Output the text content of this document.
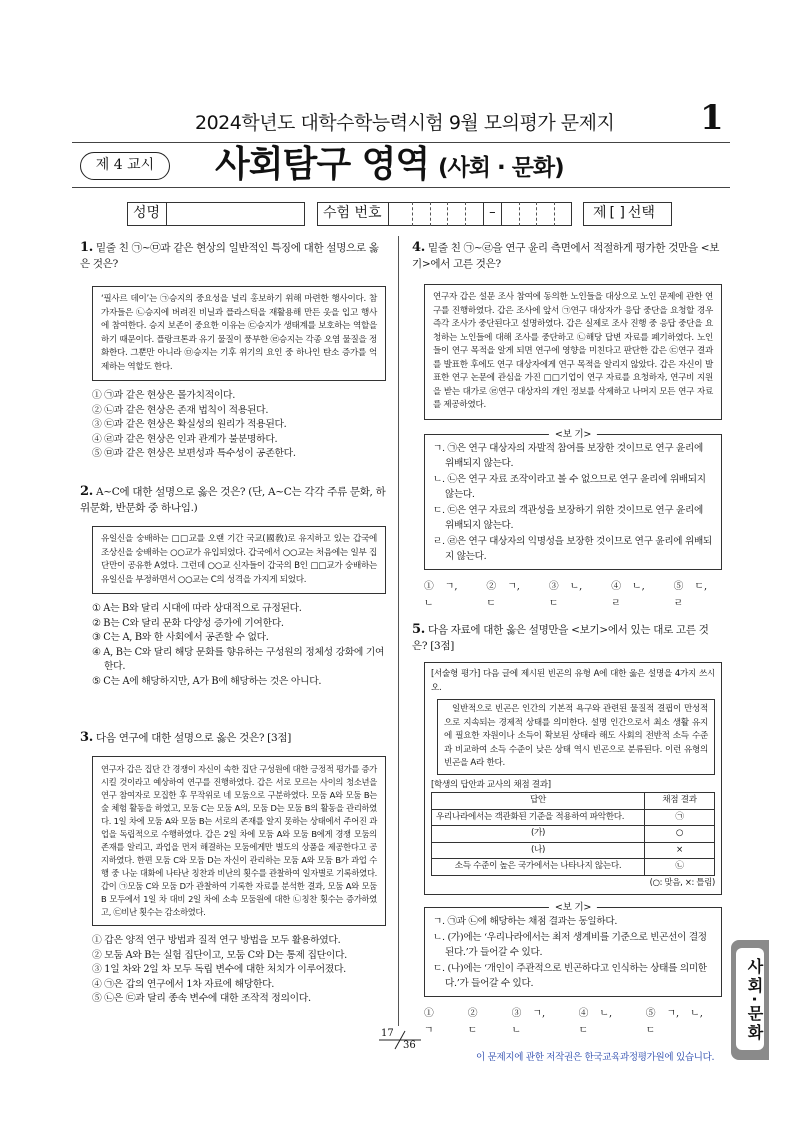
2024학년도 대학수학능력시험 9월 모의평가 문제지	1
제 4 교시	사회탐구 영역 (사회 · 문화)
성명	수험 번호	–	제 [ ] 선택
1. 밑줄 친 ㉠~㉤과 같은 현상의 일반적인 특징에 대한 설명으로 옳은 것은?
‘필사르 데이’는 ㉠승지의 중요성을 널리 홍보하기 위해 마련한 행사이다. 참가자들은 ㉡승지에 버려진 비닐과 플라스틱을 재활용해 만든 옷을 입고 행사에 참여한다. 승지 보존이 중요한 이유는 ㉢승지가 생태계를 보호하는 역할을 하기 때문이다. 플랑크톤과 유기 물질이 풍부한 ㉣승지는 각종 오염 물질을 정화한다. 그뿐만 아니라 ㉤승지는 기후 위기의 요인 중 하나인 탄소 증가를 억제하는 역할도 한다.
① ㉠과 같은 현상은 몰가치적이다.
② ㉡과 같은 현상은 존재 법칙이 적용된다.
③ ㉢과 같은 현상은 확실성의 원리가 적용된다.
④ ㉣과 같은 현상은 인과 관계가 불분명하다.
⑤ ㉤과 같은 현상은 보편성과 특수성이 공존한다.
2. A~C에 대한 설명으로 옳은 것은? (단, A~C는 각각 주류 문화, 하위문화, 반문화 중 하나임.)
유일신을 숭배하는 □□교를 오랜 기간 국교(國敎)로 유지하고 있는 갑국에 조상신을 숭배하는 ○○교가 유입되었다. 갑국에서 ○○교는 처음에는 일부 집단만이 공유한 A였다. 그런데 ○○교 신자들이 갑국의 B인 □□교가 숭배하는 유일신을 부정하면서 ○○교는 C의 성격을 가지게 되었다.
① A는 B와 달리 시대에 따라 상대적으로 규정된다.
② B는 C와 달리 문화 다양성 증가에 기여한다.
③ C는 A, B와 한 사회에서 공존할 수 없다.
④ A, B는 C와 달리 해당 문화를 향유하는 구성원의 정체성 강화에 기여한다.
⑤ C는 A에 해당하지만, A가 B에 해당하는 것은 아니다.
3. 다음 연구에 대한 설명으로 옳은 것은? [3점]
연구자 갑은 집단 간 경쟁이 자신이 속한 집단 구성원에 대한 긍정적 평가를 증가시킬 것이라고 예상하여 연구를 진행하였다. 갑은 서로 모르는 사이의 청소년을 연구 참여자로 모집한 후 무작위로 네 모둠으로 구분하였다. 모둠 A와 모둠 B는 숲 체험 활동을 하였고, 모둠 C는 모둠 A의, 모둠 D는 모둠 B의 활동을 관리하였다. 1일 차에 모둠 A와 모둠 B는 서로의 존재를 알지 못하는 상태에서 주어진 과업을 독립적으로 수행하였다. 갑은 2일 차에 모둠 A와 모둠 B에게 경쟁 모둠의 존재를 알리고, 과업을 먼저 해결하는 모둠에게만 별도의 상품을 제공한다고 공지하였다. 한편 모둠 C와 모둠 D는 자신이 관리하는 모둠 A와 모둠 B가 과업 수행 중 나눈 대화에 나타난 칭찬과 비난의 횟수를 관찰하여 일자별로 기록하였다. 갑이 ㉠모둠 C와 모둠 D가 관찰하여 기록한 자료를 분석한 결과, 모둠 A와 모둠 B 모두에서 1일 차 대비 2일 차에 소속 모둠원에 대한 ㉡칭찬 횟수는 증가하였고, ㉢비난 횟수는 감소하였다.
① 갑은 양적 연구 방법과 질적 연구 방법을 모두 활용하였다.
② 모둠 A와 B는 실험 집단이고, 모둠 C와 D는 통제 집단이다.
③ 1일 차와 2일 차 모두 독립 변수에 대한 처치가 이루어졌다.
④ ㉠은 갑의 연구에서 1차 자료에 해당한다.
⑤ ㉡은 ㉢과 달리 종속 변수에 대한 조작적 정의이다.
4. 밑줄 친 ㉠~㉣을 연구 윤리 측면에서 적절하게 평가한 것만을 <보기>에서 고른 것은?
연구자 갑은 설문 조사 참여에 동의한 노인들을 대상으로 노인 문제에 관한 연구를 진행하였다. 갑은 조사에 앞서 ㉠연구 대상자가 응답 중단을 요청할 경우 즉각 조사가 중단된다고 설명하였다. 갑은 실제로 조사 진행 중 응답 중단을 요청하는 노인들에 대해 조사를 중단하고 ㉡해당 답변 자료를 폐기하였다. 노인들이 연구 목적을 알게 되면 연구에 영향을 미친다고 판단한 갑은 ㉢연구 결과를 발표한 후에도 연구 대상자에게 연구 목적을 알리지 않았다. 갑은 자신이 발표한 연구 논문에 관심을 가진 □□기업이 연구 자료를 요청하자, 연구비 지원을 받는 대가로 ㉣연구 대상자의 개인 정보를 삭제하고 나머지 모든 연구 자료를 제공하였다.
<보 기>
ㄱ. ㉠은 연구 대상자의 자발적 참여를 보장한 것이므로 연구 윤리에 위배되지 않는다.
ㄴ. ㉡은 연구 자료 조작이라고 볼 수 없으므로 연구 윤리에 위배되지 않는다.
ㄷ. ㉢은 연구 자료의 객관성을 보장하기 위한 것이므로 연구 윤리에 위배되지 않는다.
ㄹ. ㉣은 연구 대상자의 익명성을 보장한 것이므로 연구 윤리에 위배되지 않는다.
① ㄱ, ㄴ
② ㄱ, ㄷ
③ ㄴ, ㄷ
④ ㄴ, ㄹ
⑤ ㄷ, ㄹ
5. 다음 자료에 대한 옳은 설명만을 <보기>에서 있는 대로 고른 것은? [3점]
[서술형 평가] 다음 글에 제시된 빈곤의 유형 A에 대한 옳은 설명을 4가지 쓰시오.
일반적으로 빈곤은 인간의 기본적 욕구와 관련된 물질적 결핍이 만성적으로 지속되는 경제적 상태를 의미한다. 설명 인간으로서 최소 생활 유지에 필요한 자원이나 소득이 확보된 상태라 해도 사회의 전반적 소득 수준과 비교하여 소득 수준이 낮은 상태 역시 빈곤으로 분류된다. 이런 유형의 빈곤을 A라 한다.
[학생의 답안과 교사의 채점 결과]
답안	채점 결과
우리나라에서는 객관화된 기준을 적용하여 파악한다.	㉠
(가)	○
(나)	×
소득 수준이 높은 국가에서는 나타나지 않는다.	㉡
(○: 맞음, ×: 틀림)
<보 기>
ㄱ. ㉠과 ㉡에 해당하는 채점 결과는 동일하다.
ㄴ. (가)에는 ‘우리나라에서는 최저 생계비를 기준으로 빈곤선이 결정된다.’가 들어갈 수 있다.
ㄷ. (나)에는 ‘개인이 주관적으로 빈곤하다고 인식하는 상태를 의미한다.’가 들어갈 수 있다.
① ㄱ
② ㄷ
③ ㄱ, ㄴ
④ ㄴ, ㄷ
⑤ ㄱ, ㄴ, ㄷ	사회·문화
17
36
이 문제지에 관한 저작권은 한국교육과정평가원에 있습니다.
